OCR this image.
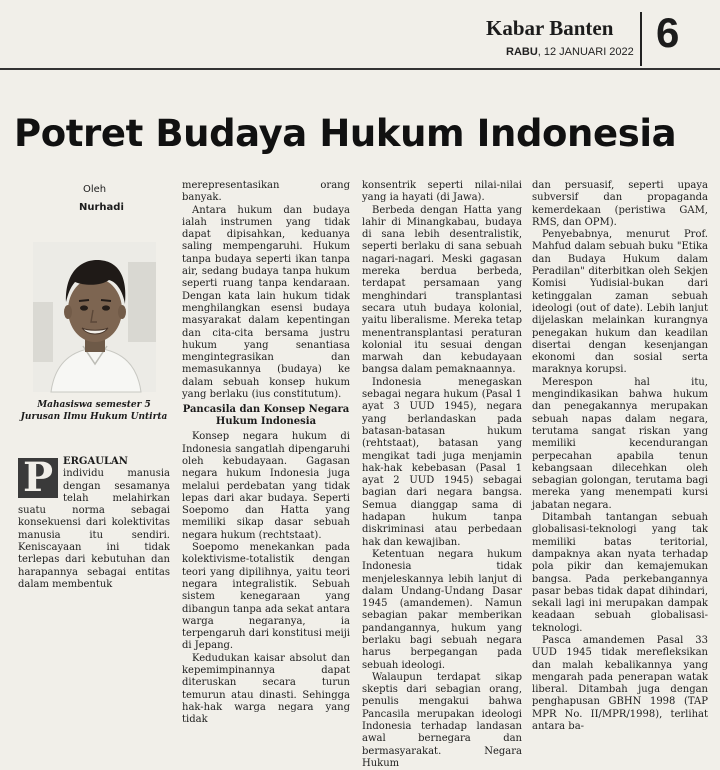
Kabar Banten
RABU, 12 JANUARI 2022 6
Potret Budaya Hukum Indonesia
Oleh
Nurhadi
Mahasiswa semester 5 Jurusan Ilmu Hukum Untirta
P ERGAULAN individu manusia dengan sesamanya telah melahirkan suatu norma sebagai konsekuensi dari kolektivitas manusia itu sendiri. Keniscayaan ini tidak terlepas dari kebutuhan dan harapannya sebagai entitas dalam membentuk

merepresentasikan orang banyak.

Antara hukum dan budaya ialah instrumen yang tidak dapat dipisahkan, keduanya saling mempengaruhi. Hukum tanpa budaya seperti ikan tanpa air, sedang budaya tanpa hukum seperti ruang tanpa kendaraan. Dengan kata lain hukum tidak menghilangkan esensi budaya masyarakat dalam kepentingan dan cita-cita bersama justru hukum yang senantiasa mengintegrasikan dan memasukannya (budaya) ke dalam sebuah konsep hukum yang berlaku (ius constitutum).

Pancasila dan Konsep Negara Hukum Indonesia

Konsep negara hukum di Indonesia sangatlah dipengaruhi oleh kebudayaan. Gagasan negara hukum Indonesia juga melalui perdebatan yang tidak lepas dari akar budaya. Seperti Soepomo dan Hatta yang memiliki sikap dasar sebuah negara hukum (rechtstaat).

Soepomo menekankan pada kolektivisme-totalistik dengan teori yang dipilihnya, yaitu teori negara integralistik. Sebuah sistem kenegaraan yang dibangun tanpa ada sekat antara warga negaranya, ia terpengaruh dari konstitusi meiji di Jepang.

Kedudukan kaisar absolut dan kepemimpinannya dapat diteruskan secara turun temurun atau dinasti. Sehingga hak-hak warga negara yang tidak

konsentrik seperti nilai-nilai yang ia hayati (di Jawa).

Berbeda dengan Hatta yang lahir di Minangkabau, budaya di sana lebih desentralistik, seperti berlaku di sana sebuah nagari-nagari. Meski gagasan mereka berdua berbeda, terdapat persamaan yang menghindari transplantasi secara utuh budaya kolonial, yaitu liberalisme. Mereka tetap menentransplantasi peraturan kolonial itu sesuai dengan marwah dan kebudayaan bangsa dalam pemaknaannya.

Indonesia menegaskan sebagai negara hukum (Pasal 1 ayat 3 UUD 1945), negara yang berlandaskan pada batasan-batasan hukum (rehtstaat), batasan yang mengikat tadi juga menjamin hak-hak kebebasan (Pasal 1 ayat 2 UUD 1945) sebagai bagian dari negara bangsa. Semua dianggap sama di hadapan hukum tanpa diskriminasi atau perbedaan hak dan kewajiban.

Ketentuan negara hukum Indonesia tidak menjeleskannya lebih lanjut di dalam Undang-Undang Dasar 1945 (amandemen). Namun sebagian pakar memberikan pandangannya, hukum yang berlaku bagi sebuah negara harus berpegangan pada sebuah ideologi.

Walaupun terdapat sikap skeptis dari sebagian orang, penulis mengakui bahwa Pancasila merupakan ideologi Indonesia terhadap landasan awal bernegara dan bermasyarakat. Negara Hukum

dan persuasif, seperti upaya subversif dan propaganda kemerdekaan (peristiwa GAM, RMS, dan OPM).

Penyebabnya, menurut Prof. Mahfud dalam sebuah buku "Etika dan Budaya Hukum dalam Peradilan" diterbitkan oleh Sekjen Komisi Yudisial-bukan dari ketinggalan zaman sebuah ideologi (out of date). Lebih lanjut dijelaskan melainkan kurangnya penegakan hukum dan keadilan disertai dengan kesenjangan ekonomi dan sosial serta maraknya korupsi.

Merespon hal itu, mengindikasikan bahwa hukum dan penegakannya merupakan sebuah napas dalam negara, terutama sangat riskan yang memiliki kecendurangan perpecahan apabila tenun kebangsaan dilecehkan oleh sebagian golongan, terutama bagi mereka yang menempati kursi jabatan negara.

Ditambah tantangan sebuah globalisasi-teknologi yang tak memiliki batas teritorial, dampaknya akan nyata terhadap pola pikir dan kemajemukan bangsa. Pada perkebangannya pasar bebas tidak dapat dihindari, sekali lagi ini merupakan dampak keadaan sebuah globalisasi-teknologi.

Pasca amandemen Pasal 33 UUD 1945 tidak merefleksikan dan malah kebalikannya yang mengarah pada penerapan watak liberal. Ditambah juga dengan penghapusan GBHN 1998 (TAP MPR No. II/MPR/1998), terlihat antara ba-
